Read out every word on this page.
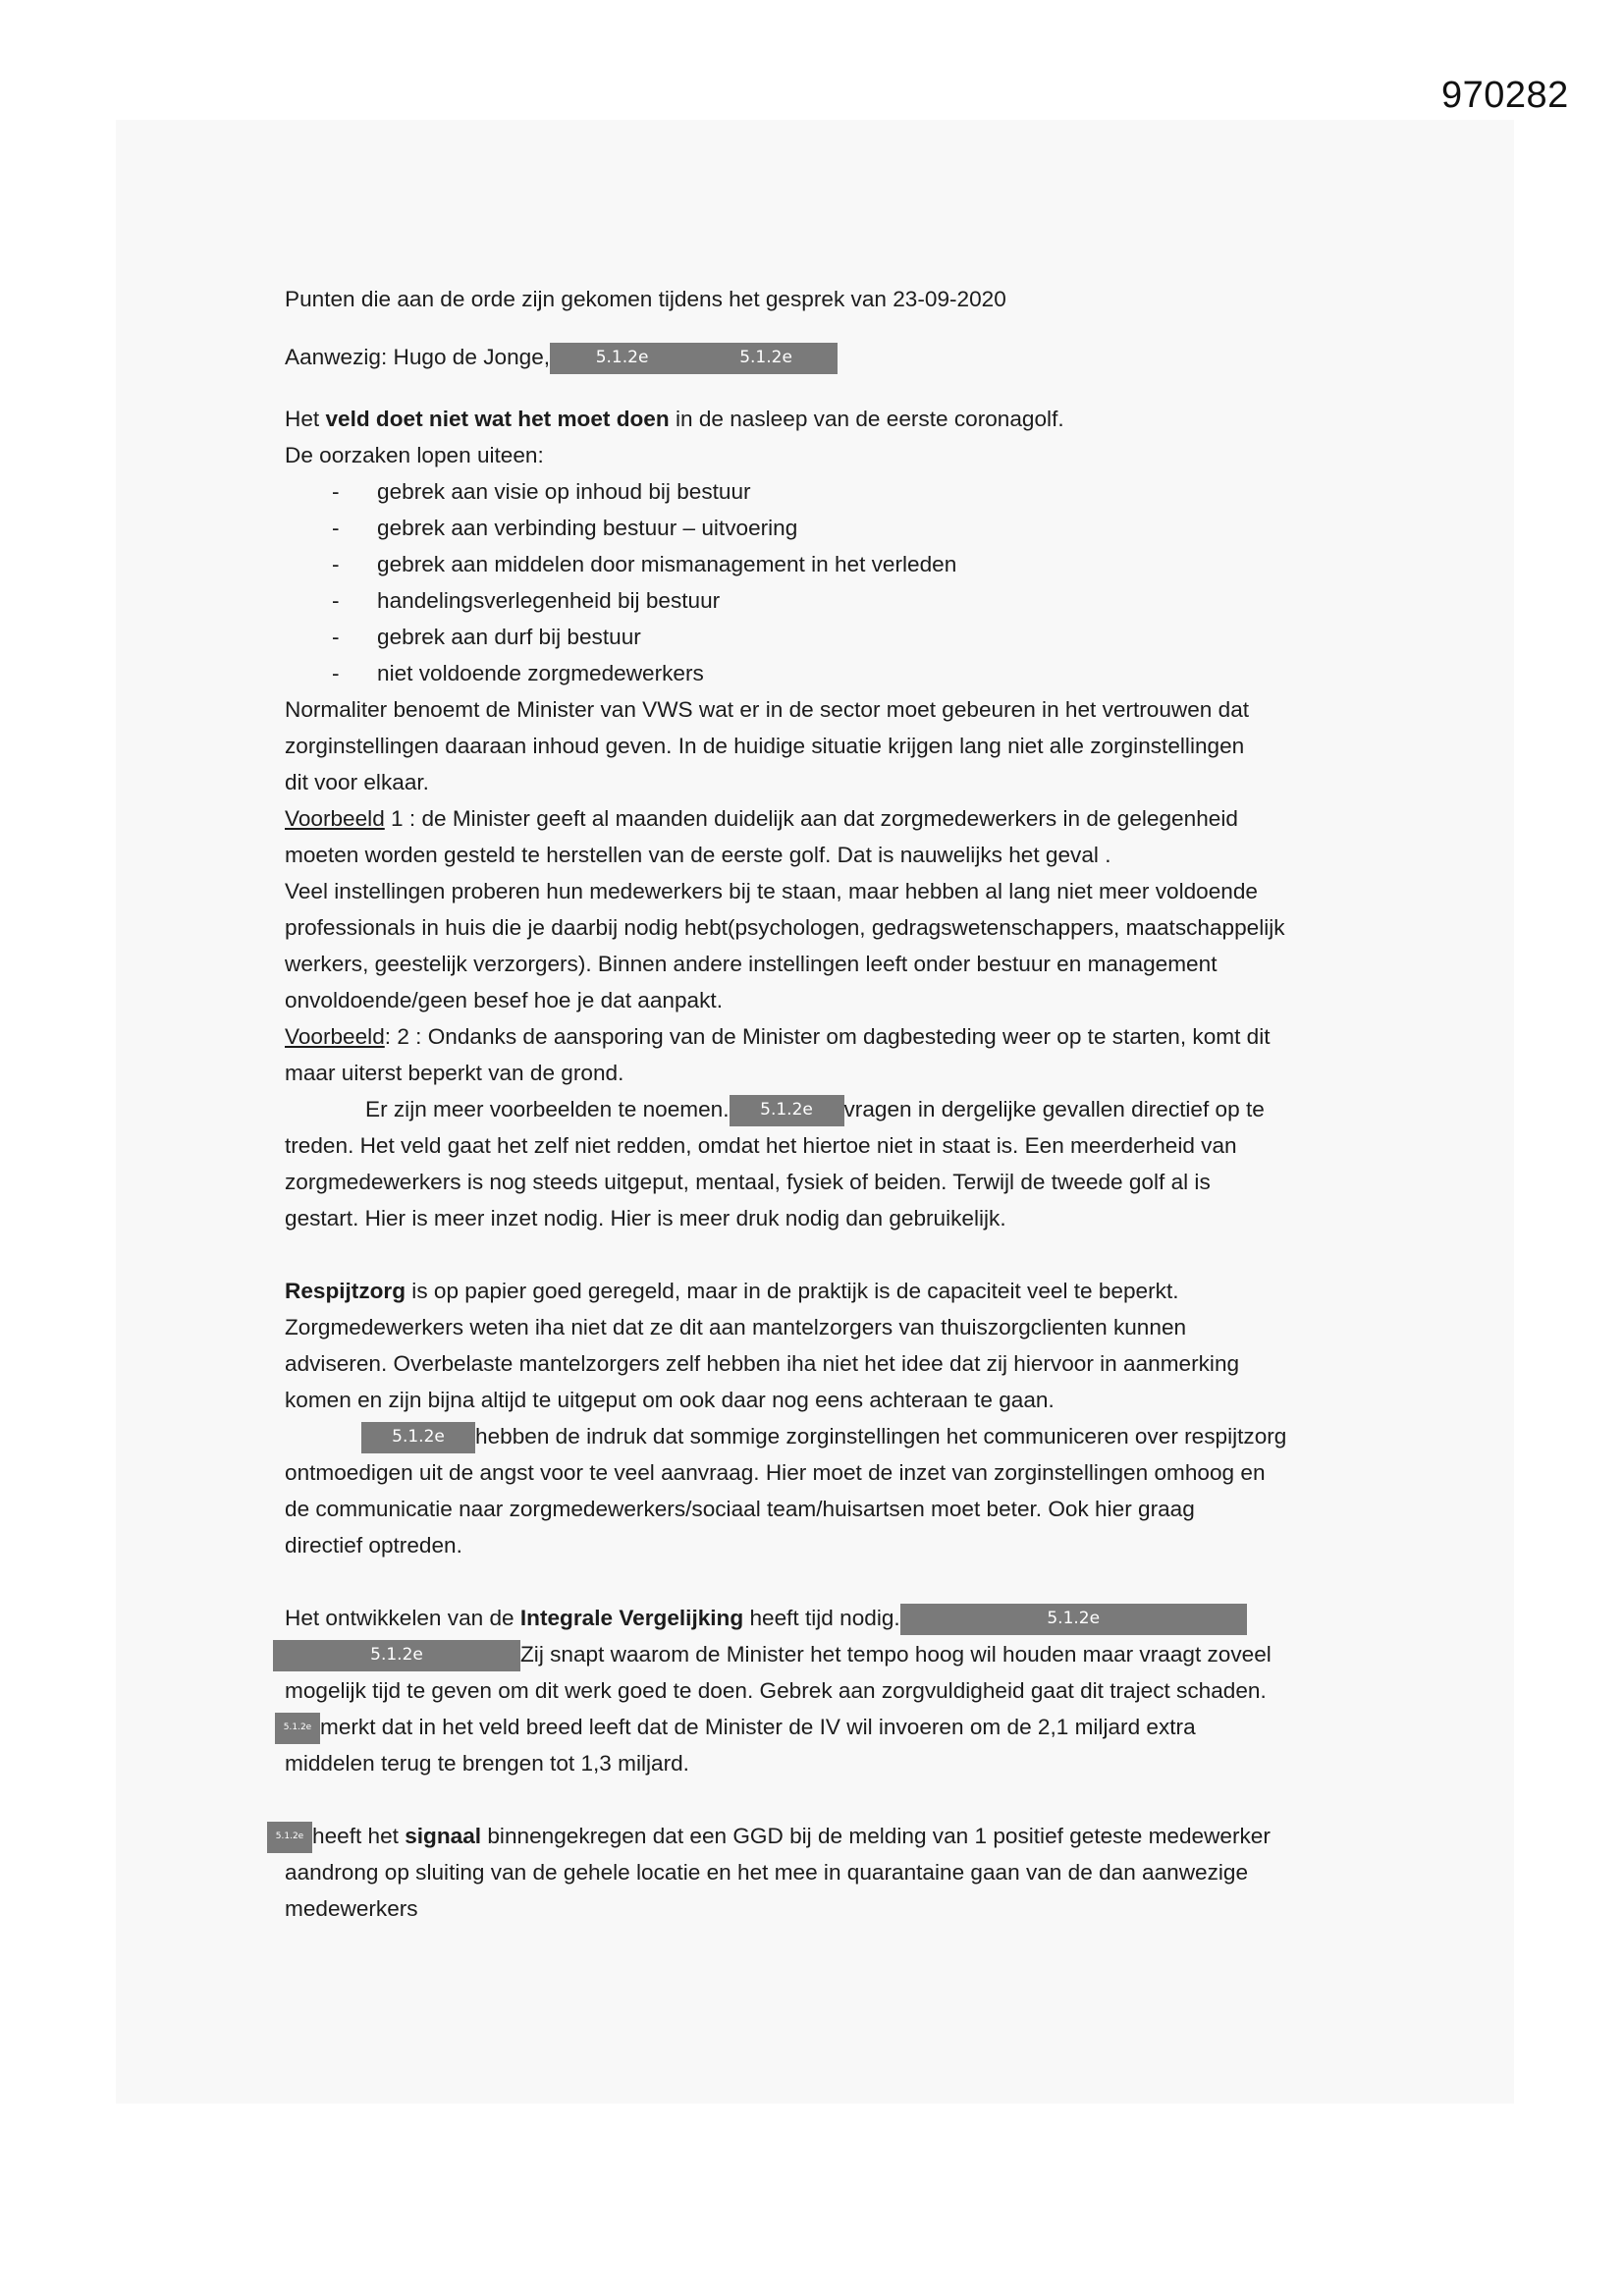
970282
Punten die aan de orde zijn gekomen tijdens het gesprek van 23-09-2020
Aanwezig: Hugo de Jonge,	5.1.2e	5.1.2e
Het veld doet niet wat het moet doen in de nasleep van de eerste coronagolf.
De oorzaken lopen uiteen:
- gebrek aan visie op inhoud bij bestuur
- gebrek aan verbinding bestuur – uitvoering
- gebrek aan middelen door mismanagement in het verleden
- handelingsverlegenheid bij bestuur
- gebrek aan durf bij bestuur
- niet voldoende zorgmedewerkers
Normaliter benoemt de Minister van VWS wat er in de sector moet gebeuren in het vertrouwen dat
zorginstellingen daaraan inhoud geven. In de huidige situatie krijgen lang niet alle zorginstellingen
dit voor elkaar.
Voorbeeld 1 : de Minister geeft al maanden duidelijk aan dat zorgmedewerkers in de gelegenheid
moeten worden gesteld te herstellen van de eerste golf. Dat is nauwelijks het geval .
Veel instellingen proberen hun medewerkers bij te staan, maar hebben al lang niet meer voldoende
professionals in huis die je daarbij nodig hebt(psychologen, gedragswetenschappers, maatschappelijk
werkers, geestelijk verzorgers). Binnen andere instellingen leeft onder bestuur en management
onvoldoende/geen besef hoe je dat aanpakt.
Voorbeeld: 2 : Ondanks de aansporing van de Minister om dagbesteding weer op te starten, komt dit
maar uiterst beperkt van de grond.
Er zijn meer voorbeelden te noemen. 5.1.2e vragen in dergelijke gevallen directief op te
treden. Het veld gaat het zelf niet redden, omdat het hiertoe niet in staat is. Een meerderheid van
zorgmedewerkers is nog steeds uitgeput, mentaal, fysiek of beiden. Terwijl de tweede golf al is
gestart. Hier is meer inzet nodig. Hier is meer druk nodig dan gebruikelijk.
Respijtzorg is op papier goed geregeld, maar in de praktijk is de capaciteit veel te beperkt.
Zorgmedewerkers weten iha niet dat ze dit aan mantelzorgers van thuiszorgclienten kunnen
adviseren. Overbelaste mantelzorgers zelf hebben iha niet het idee dat zij hiervoor in aanmerking
komen en zijn bijna altijd te uitgeput om ook daar nog eens achteraan te gaan.
5.1.2e hebben de indruk dat sommige zorginstellingen het communiceren over respijtzorg
ontmoedigen uit de angst voor te veel aanvraag. Hier moet de inzet van zorginstellingen omhoog en
de communicatie naar zorgmedewerkers/sociaal team/huisartsen moet beter. Ook hier graag
directief optreden.
Het ontwikkelen van de Integrale Vergelijking heeft tijd nodig.	5.1.2e
5.1.2e	Zij snapt waarom de Minister het tempo hoog wil houden maar vraagt zoveel
mogelijk tijd te geven om dit werk goed te doen. Gebrek aan zorgvuldigheid gaat dit traject schaden.
5.1.2e merkt dat in het veld breed leeft dat de Minister de IV wil invoeren om de 2,1 miljard extra
middelen terug te brengen tot 1,3 miljard.
5.1.2e heeft het signaal binnengekregen dat een GGD bij de melding van 1 positief geteste medewerker
aandrong op sluiting van de gehele locatie en het mee in quarantaine gaan van de dan aanwezige
medewerkers
